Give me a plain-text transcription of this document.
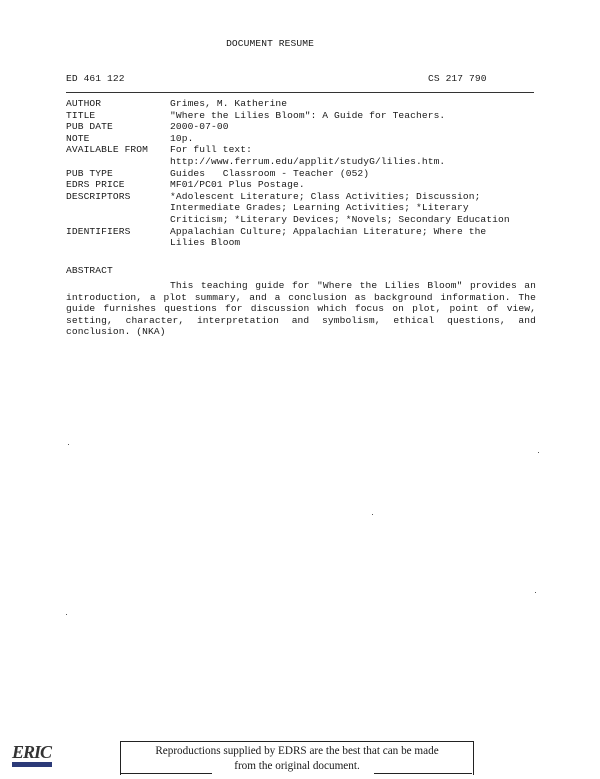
DOCUMENT RESUME
ED 461 122	CS 217 790
AUTHOR	Grimes, M. Katherine
TITLE	"Where the Lilies Bloom": A Guide for Teachers.
PUB DATE	2000-07-00
NOTE	10p.
AVAILABLE FROM	For full text:
http://www.ferrum.edu/applit/studyG/lilies.htm.
PUB TYPE	Guides   Classroom - Teacher (052)
EDRS PRICE	MF01/PC01 Plus Postage.
DESCRIPTORS	*Adolescent Literature; Class Activities; Discussion;
Intermediate Grades; Learning Activities; *Literary
Criticism; *Literary Devices; *Novels; Secondary Education
IDENTIFIERS	Appalachian Culture; Appalachian Literature; Where the
Lilies Bloom
ABSTRACT
This teaching guide for "Where the Lilies Bloom" provides an introduction, a plot summary, and a conclusion as background information. The guide furnishes questions for discussion which focus on plot, point of view, setting, character, interpretation and symbolism, ethical questions, and conclusion. (NKA)
ERIC	Reproductions supplied by EDRS are the best that can be made
from the original document.
